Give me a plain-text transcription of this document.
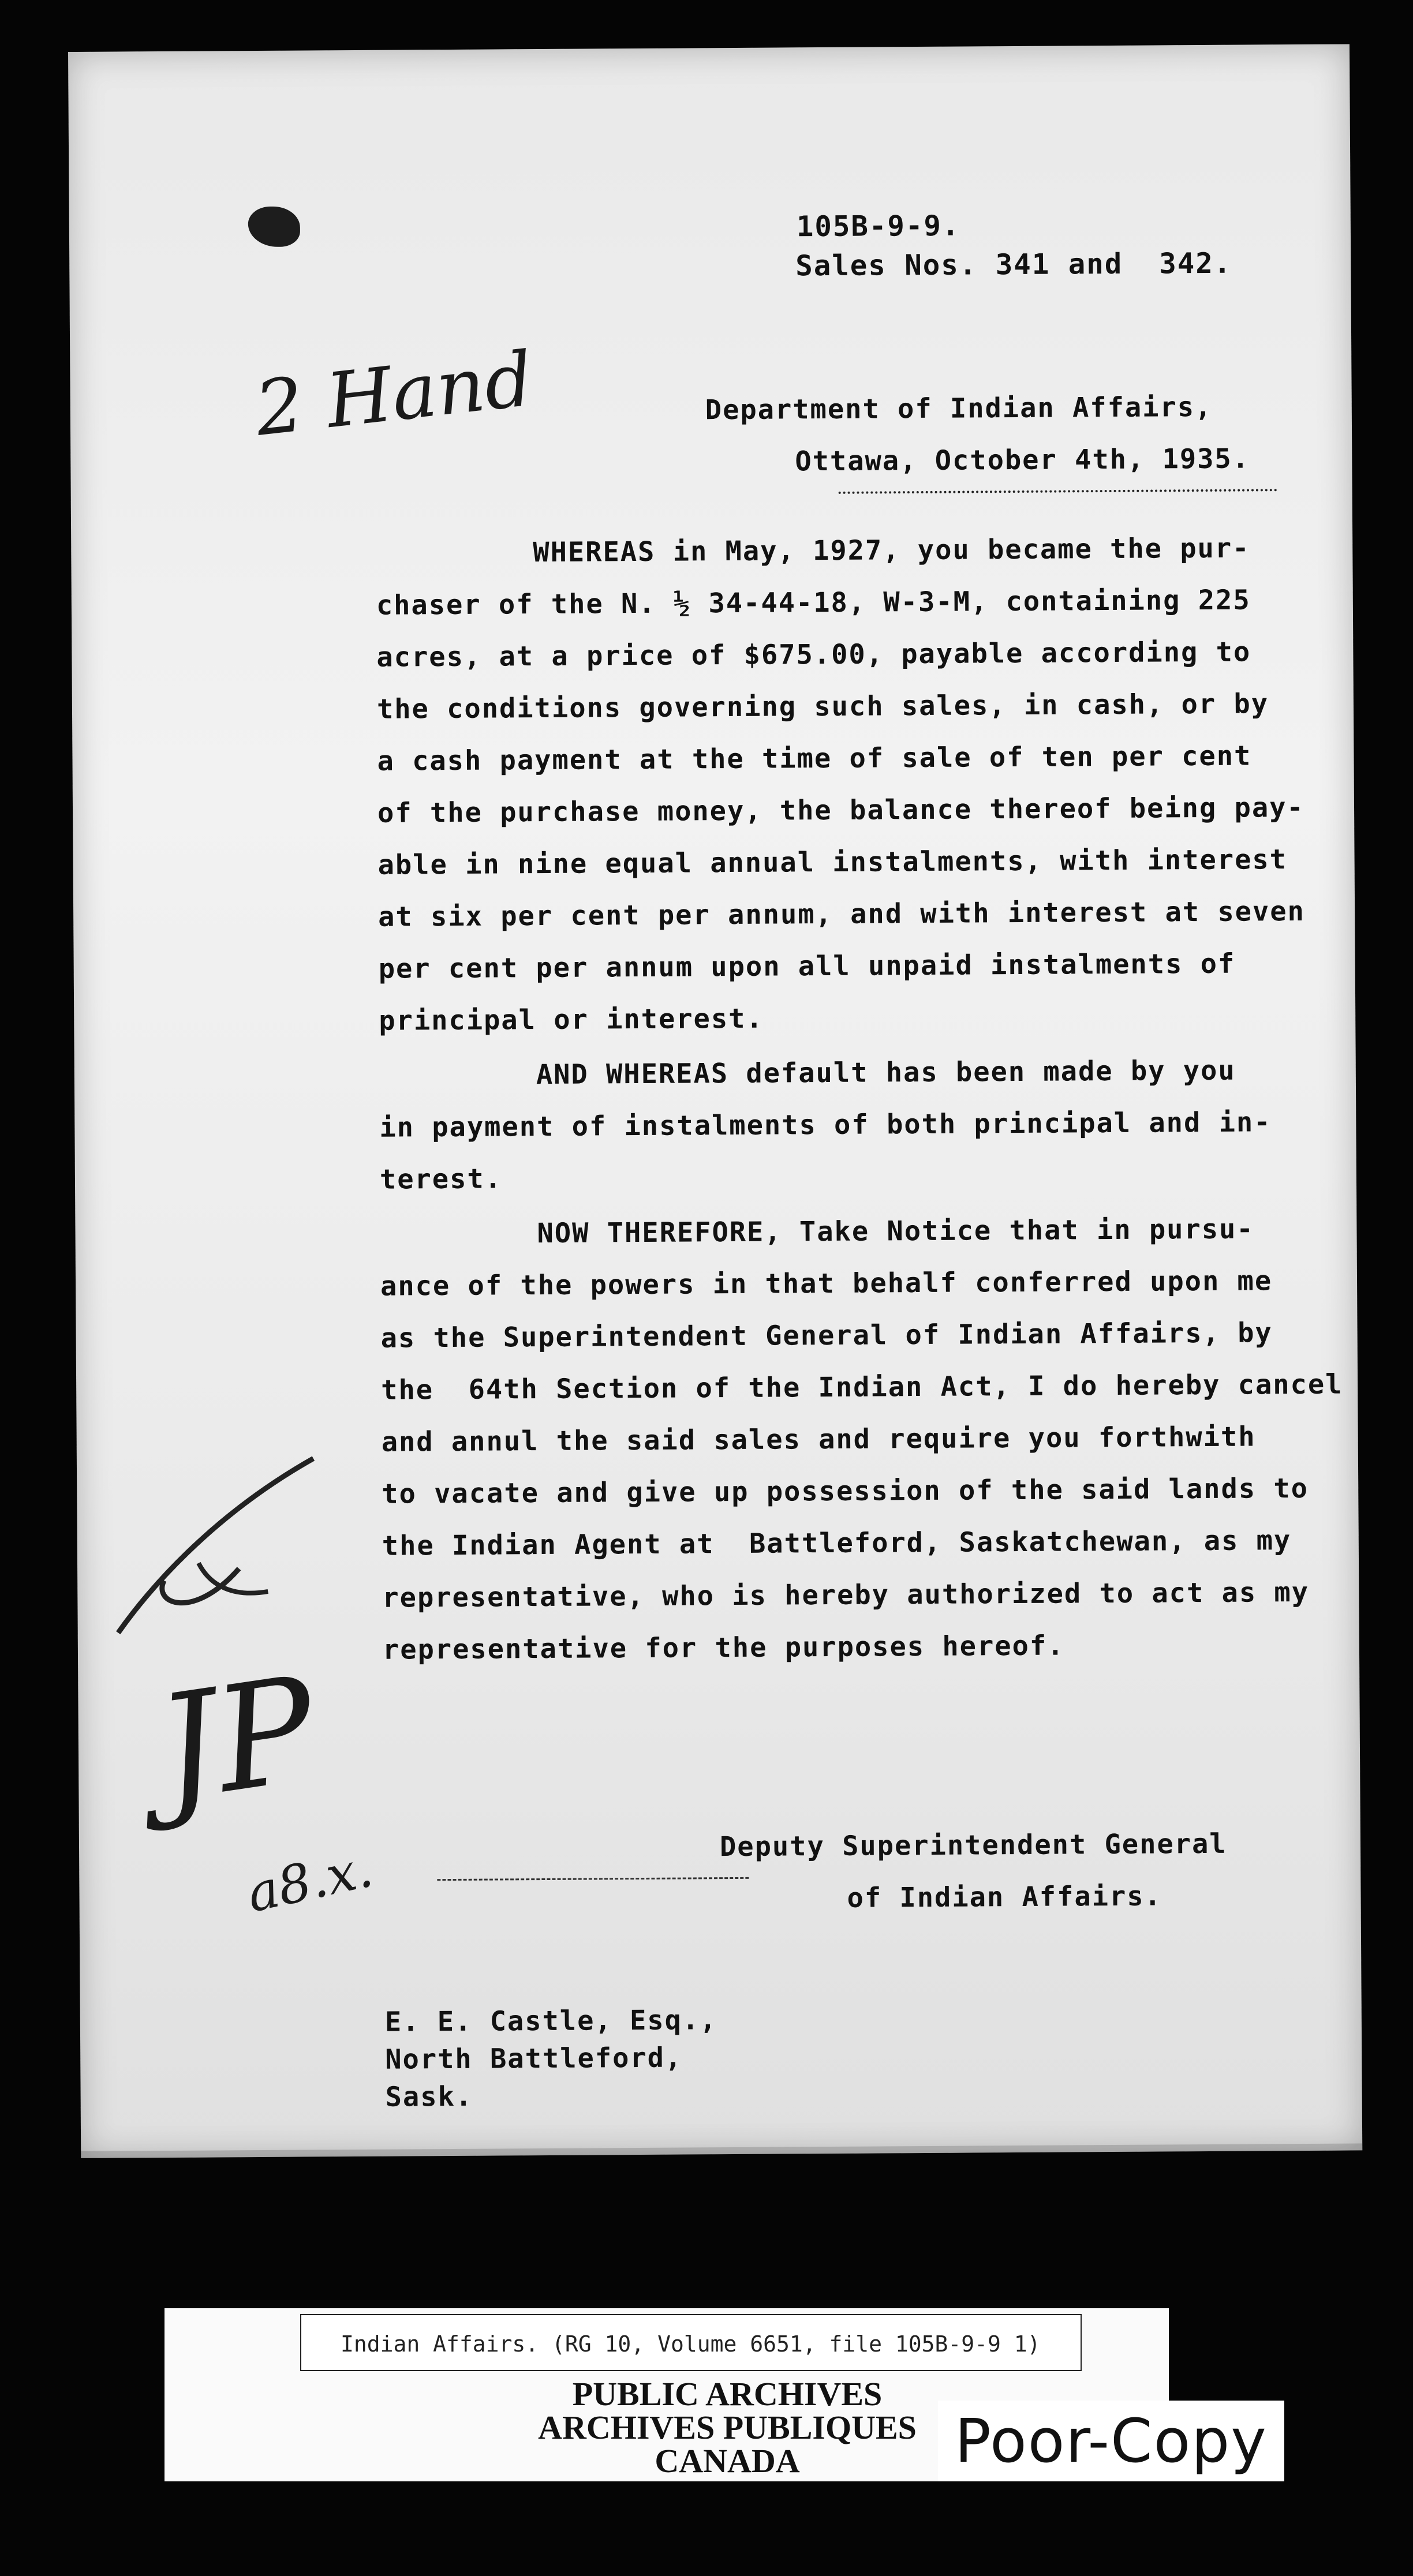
105B-9-9.
Sales Nos. 341 and  342.
2 Hand	Department of Indian Affairs,
Ottawa, October 4th, 1935.
WHEREAS in May, 1927, you became the pur-
chaser of the N. ½ 34-44-18, W-3-M, containing 225
acres, at a price of $675.00, payable according to
the conditions governing such sales, in cash, or by
a cash payment at the time of sale of ten per cent
of the purchase money, the balance thereof being pay-
able in nine equal annual instalments, with interest
at six per cent per annum, and with interest at seven
per cent per annum upon all unpaid instalments of
principal or interest.
AND WHEREAS default has been made by you
in payment of instalments of both principal and in-
terest.
NOW THEREFORE, Take Notice that in pursu-
ance of the powers in that behalf conferred upon me
as the Superintendent General of Indian Affairs, by
the  64th Section of the Indian Act, I do hereby cancel
and annul the said sales and require you forthwith
to vacate and give up possession of the said lands to
the Indian Agent at  Battleford, Saskatchewan, as my
representative, who is hereby authorized to act as my
representative for the purposes hereof.
JP
a8.x.	Deputy Superintendent General
of Indian Affairs.
E. E. Castle, Esq.,
North Battleford,
Sask.
Indian Affairs. (RG 10, Volume 6651, file 105B-9-9 1)
PUBLIC ARCHIVES
ARCHIVES PUBLIQUES
CANADA	Poor-Copy
